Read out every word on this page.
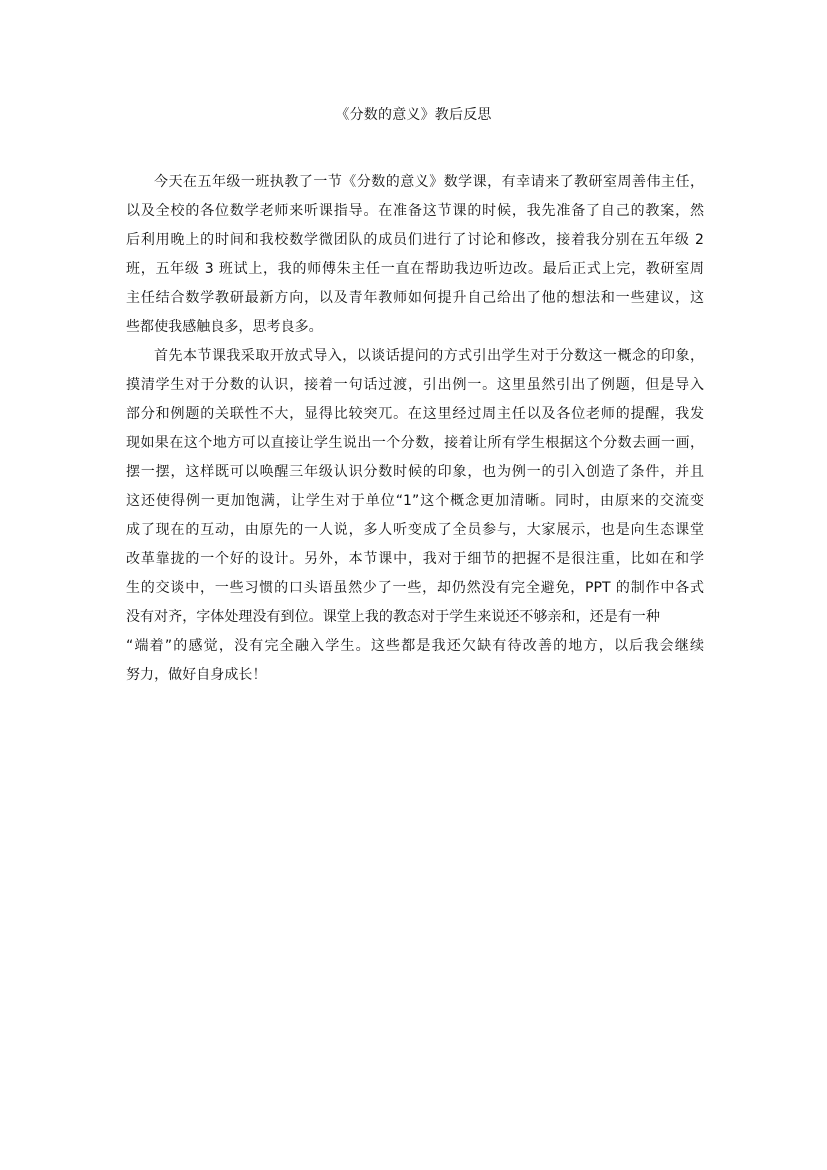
《分数的意义》教后反思
今天在五年级一班执教了一节《分数的意义》数学课，有幸请来了教研室周善伟主任，
以及全校的各位数学老师来听课指导。在准备这节课的时候，我先准备了自己的教案，然
后利用晚上的时间和我校数学微团队的成员们进行了讨论和修改，接着我分别在五年级 2
班，五年级 3 班试上，我的师傅朱主任一直在帮助我边听边改。最后正式上完，教研室周
主任结合数学教研最新方向，以及青年教师如何提升自己给出了他的想法和一些建议，这
些都使我感触良多，思考良多。
首先本节课我采取开放式导入，以谈话提问的方式引出学生对于分数这一概念的印象，
摸清学生对于分数的认识，接着一句话过渡，引出例一。这里虽然引出了例题，但是导入
部分和例题的关联性不大，显得比较突兀。在这里经过周主任以及各位老师的提醒，我发
现如果在这个地方可以直接让学生说出一个分数，接着让所有学生根据这个分数去画一画，
摆一摆，这样既可以唤醒三年级认识分数时候的印象，也为例一的引入创造了条件，并且
这还使得例一更加饱满，让学生对于单位“1”这个概念更加清晰。同时，由原来的交流变
成了现在的互动，由原先的一人说，多人听变成了全员参与，大家展示，也是向生态课堂
改革靠拢的一个好的设计。另外，本节课中，我对于细节的把握不是很注重，比如在和学
生的交谈中，一些习惯的口头语虽然少了一些，却仍然没有完全避免，PPT 的制作中各式
没有对齐，字体处理没有到位。课堂上我的教态对于学生来说还不够亲和，还是有一种
“端着”的感觉，没有完全融入学生。这些都是我还欠缺有待改善的地方，以后我会继续
努力，做好自身成长！
